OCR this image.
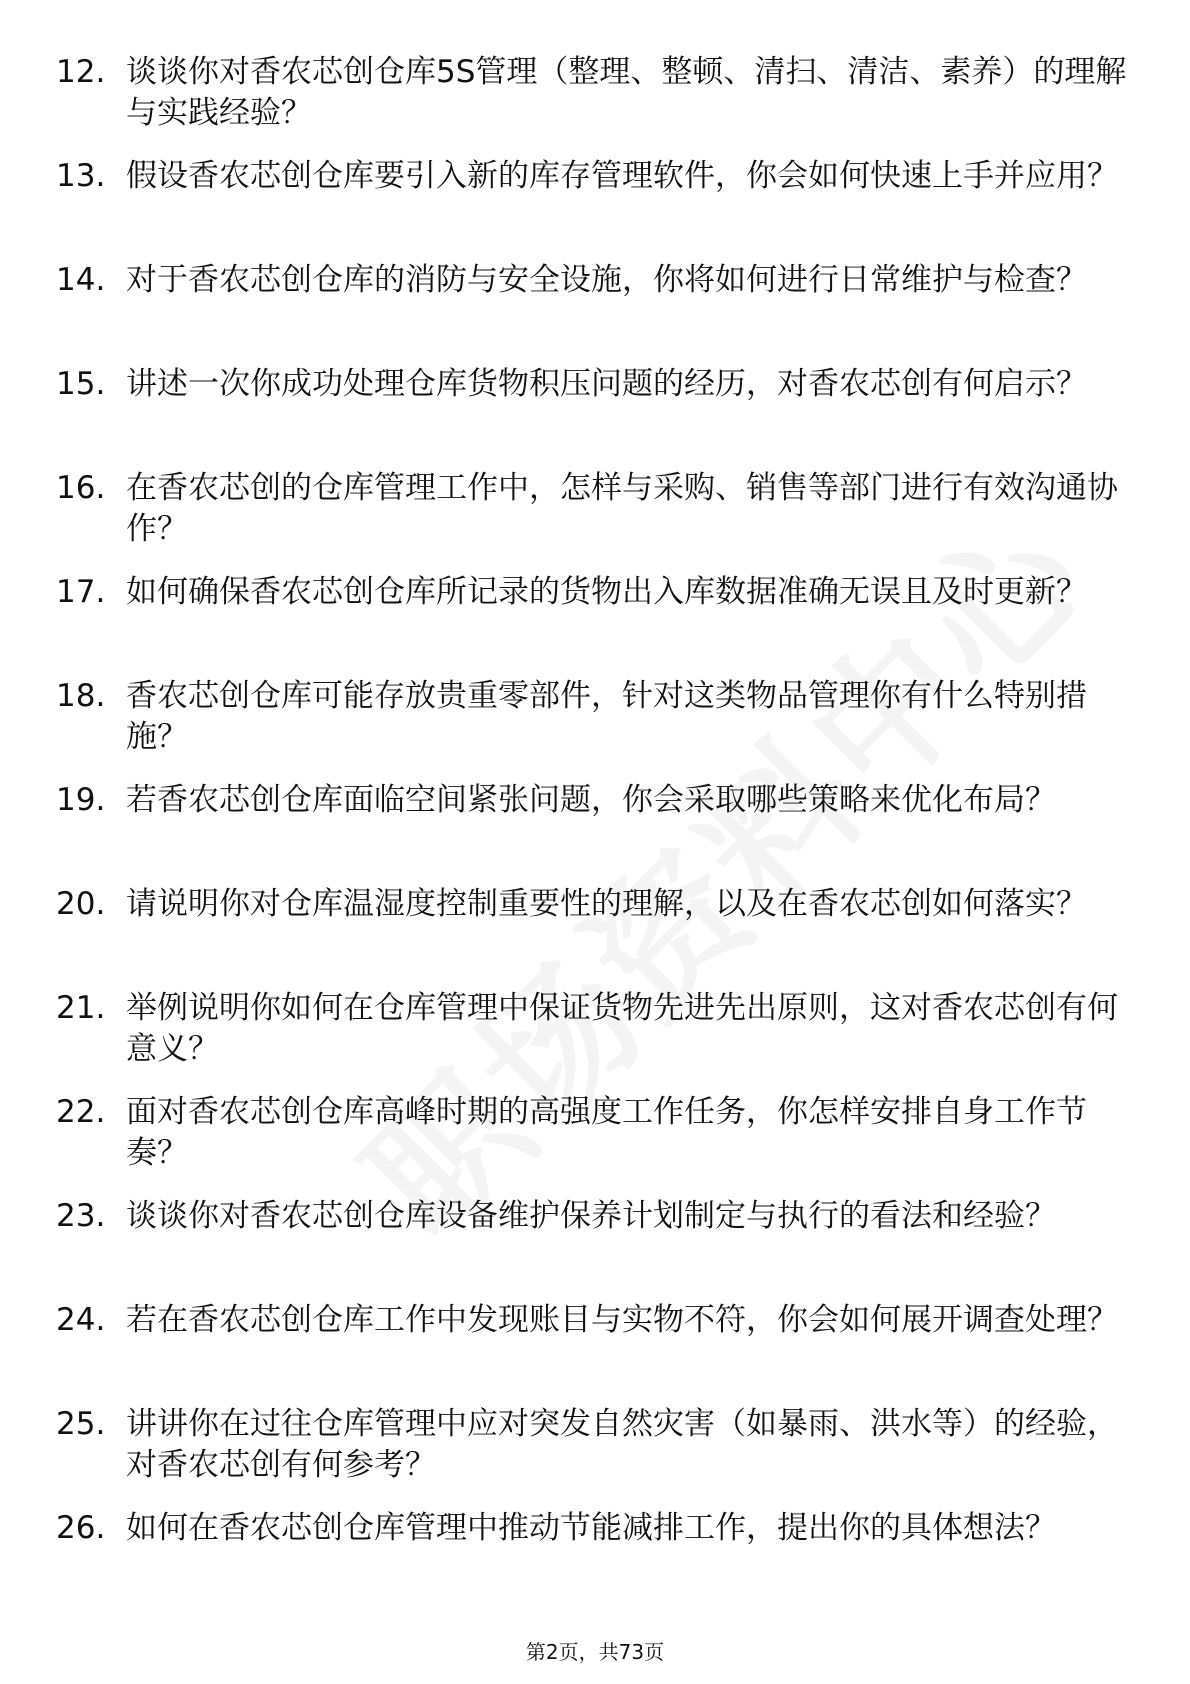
12. 谈谈你对香农芯创仓库5S管理（整理、整顿、清扫、清洁、素养）的理解与实践经验？
13. 假设香农芯创仓库要引入新的库存管理软件，你会如何快速上手并应用？
14. 对于香农芯创仓库的消防与安全设施，你将如何进行日常维护与检查？
15. 讲述一次你成功处理仓库货物积压问题的经历，对香农芯创有何启示？
16. 在香农芯创的仓库管理工作中，怎样与采购、销售等部门进行有效沟通协作？
17. 如何确保香农芯创仓库所记录的货物出入库数据准确无误且及时更新？
18. 香农芯创仓库可能存放贵重零部件，针对这类物品管理你有什么特别措施？
19. 若香农芯创仓库面临空间紧张问题，你会采取哪些策略来优化布局？
20. 请说明你对仓库温湿度控制重要性的理解，以及在香农芯创如何落实？
21. 举例说明你如何在仓库管理中保证货物先进先出原则，这对香农芯创有何意义？
22. 面对香农芯创仓库高峰时期的高强度工作任务，你怎样安排自身工作节奏？
23. 谈谈你对香农芯创仓库设备维护保养计划制定与执行的看法和经验？
24. 若在香农芯创仓库工作中发现账目与实物不符，你会如何展开调查处理？
25. 讲讲你在过往仓库管理中应对突发自然灾害（如暴雨、洪水等）的经验，对香农芯创有何参考？
26. 如何在香农芯创仓库管理中推动节能减排工作，提出你的具体想法？
第2页，共73页
